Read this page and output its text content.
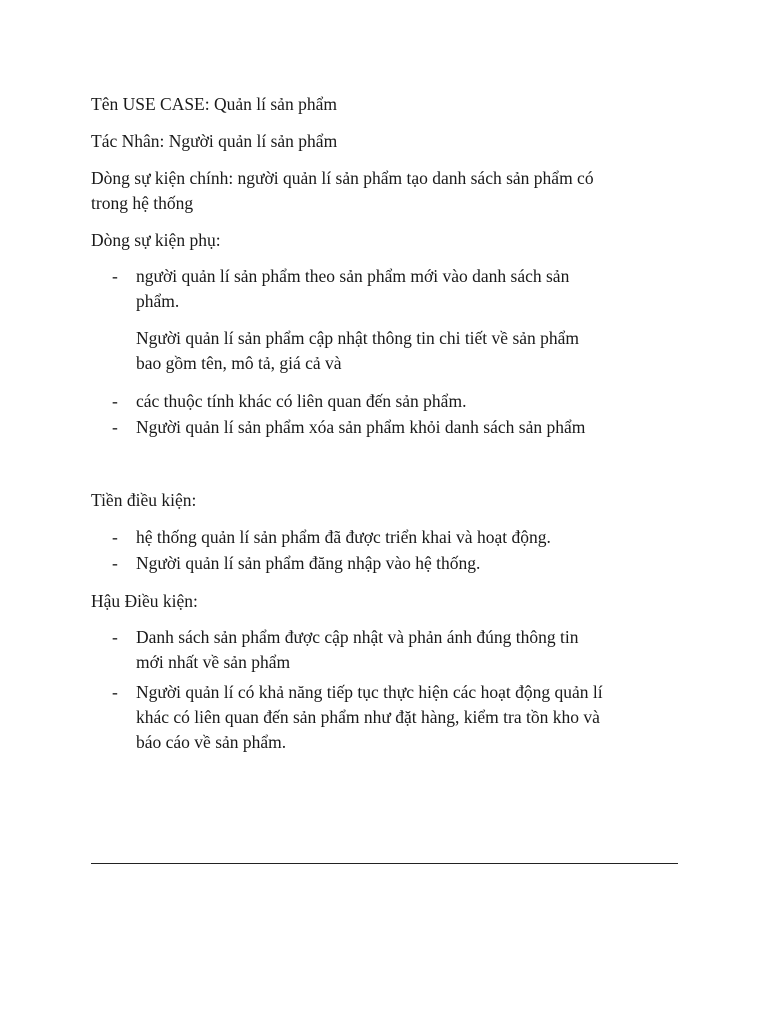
Tên USE CASE: Quản lí sản phẩm
Tác Nhân: Người quản lí sản phẩm
Dòng sự kiện chính: người quản lí sản phẩm tạo danh sách sản phẩm có
trong hệ thống
Dòng sự kiện phụ:
- người quản lí sản phẩm theo sản phẩm mới vào danh sách sản
phẩm.
Người quản lí sản phẩm cập nhật thông tin chi tiết về sản phẩm
bao gồm tên, mô tả, giá cả và
- các thuộc tính khác có liên quan đến sản phẩm.
- Người quản lí sản phẩm xóa sản phẩm khỏi danh sách sản phẩm
Tiền điều kiện:
- hệ thống quản lí sản phẩm đã được triển khai và hoạt động.
- Người quản lí sản phẩm đăng nhập vào hệ thống.
Hậu Điều kiện:
- Danh sách sản phẩm được cập nhật và phản ánh đúng thông tin
mới nhất về sản phẩm
- Người quản lí có khả năng tiếp tục thực hiện các hoạt động quản lí
khác có liên quan đến sản phẩm như đặt hàng, kiểm tra tồn kho và
báo cáo về sản phẩm.
